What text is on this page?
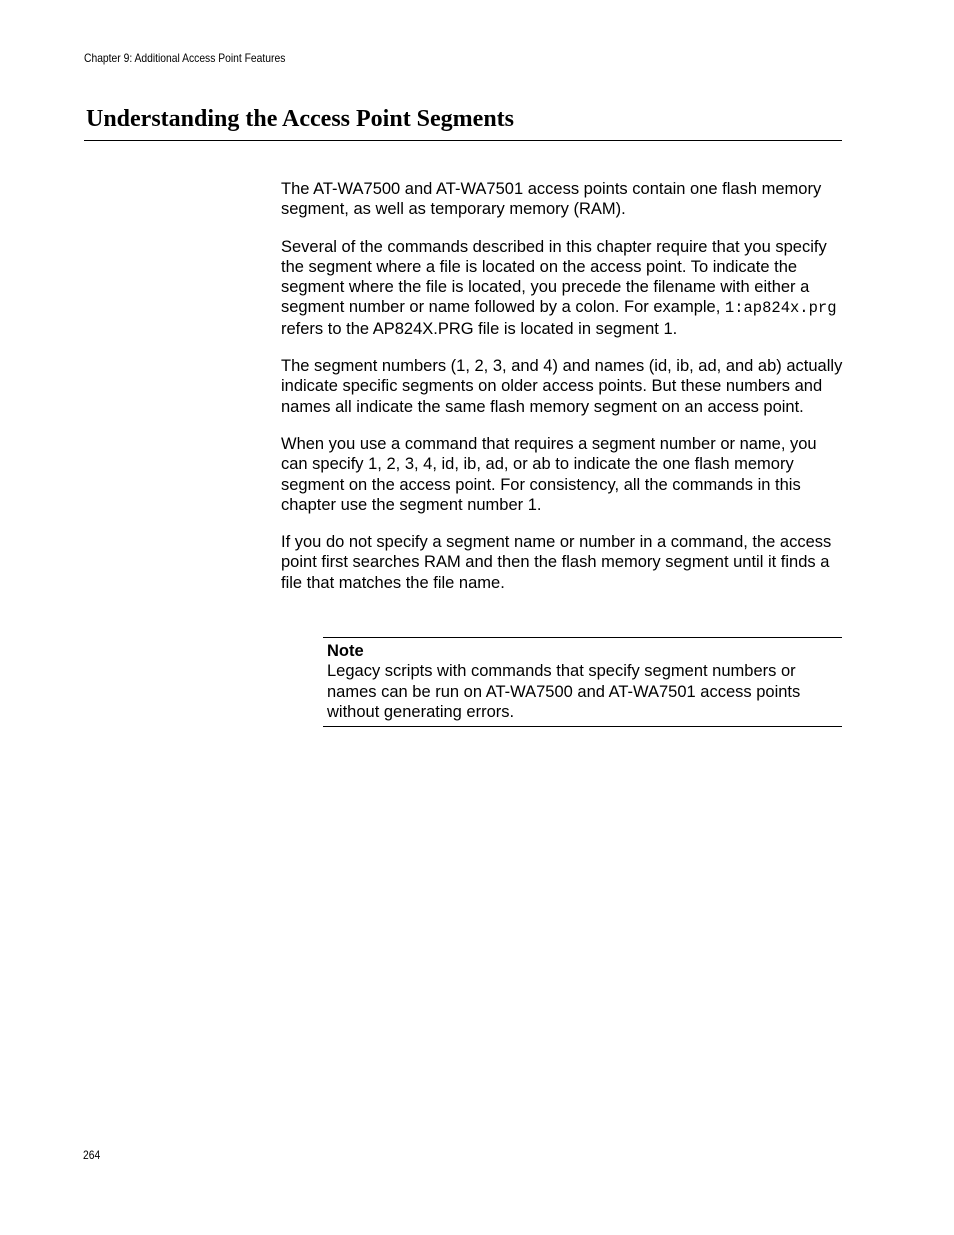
Chapter 9: Additional Access Point Features
Understanding the Access Point Segments

The AT-WA7500 and AT-WA7501 access points contain one flash memory segment, as well as temporary memory (RAM).

Several of the commands described in this chapter require that you specify the segment where a file is located on the access point. To indicate the segment where the file is located, you precede the filename with either a segment number or name followed by a colon. For example, 1:ap824x.prg refers to the AP824X.PRG file is located in segment 1.

The segment numbers (1, 2, 3, and 4) and names (id, ib, ad, and ab) actually indicate specific segments on older access points. But these numbers and names all indicate the same flash memory segment on an access point.

When you use a command that requires a segment number or name, you can specify 1, 2, 3, 4, id, ib, ad, or ab to indicate the one flash memory segment on the access point. For consistency, all the commands in this chapter use the segment number 1.

If you do not specify a segment name or number in a command, the access point first searches RAM and then the flash memory segment until it finds a file that matches the file name.

Note
Legacy scripts with commands that specify segment numbers or names can be run on AT-WA7500 and AT-WA7501 access points without generating errors.
264
